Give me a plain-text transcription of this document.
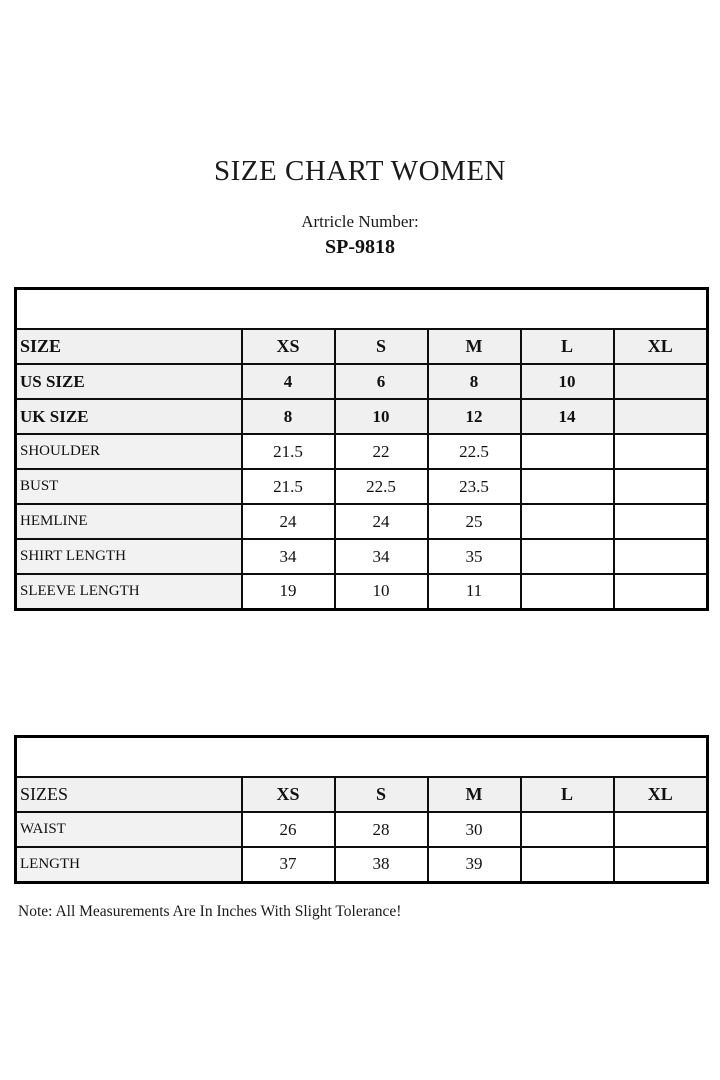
SIZE CHART WOMEN
Artricle Number:
SP-9818
SHIRT					
SIZE	XS	S	M	L	XL
US SIZE	4	6	8	10	
UK SIZE	8	10	12	14	
SHOULDER	21.5	22	22.5		
BUST	21.5	22.5	23.5		
HEMLINE	24	24	25		
SHIRT LENGTH	34	34	35		
SLEEVE LENGTH	19	10	11		
TROUSER					
SIZES	XS	S	M	L	XL
WAIST	26	28	30		
LENGTH	37	38	39		
Note: All Measurements Are In Inches With Slight Tolerance!
